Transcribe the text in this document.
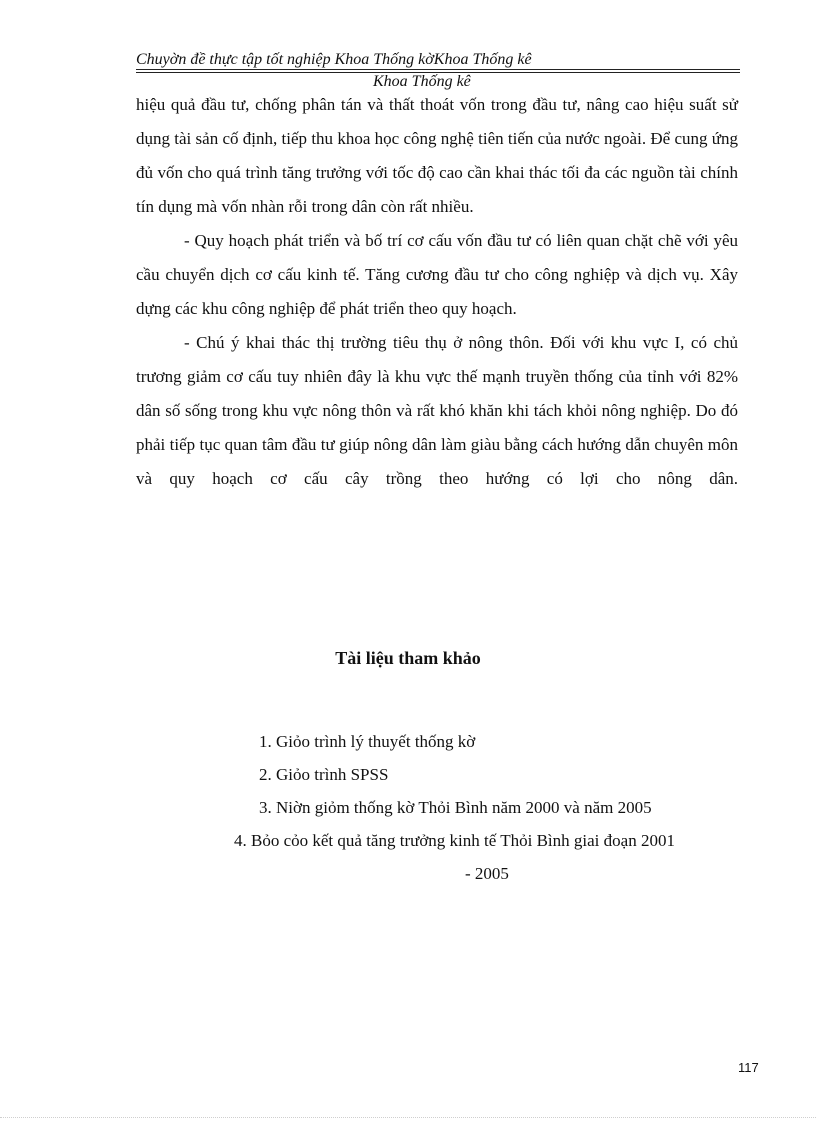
Chuyờn đề thực tập tốt nghiệp Khoa Thống kờKhoa Thống kê
Khoa Thống kê

hiệu quả đầu tư, chống phân tán và thất thoát vốn trong đầu tư, nâng cao hiệu suất sử dụng tài sản cố định, tiếp thu khoa học công nghệ tiên tiến của nước ngoài. Để cung ứng đủ vốn cho quá trình tăng trưởng với tốc độ cao cần khai thác tối đa các nguồn tài chính tín dụng mà vốn nhàn rỗi trong dân còn rất nhiều.

- Quy hoạch phát triển và bố trí cơ cấu vốn đầu tư có liên quan chặt chẽ với yêu cầu chuyển dịch cơ cấu kinh tế. Tăng cương đầu tư cho công nghiệp và dịch vụ. Xây dựng các khu công nghiệp để phát triển theo quy hoạch.

- Chú ý khai thác thị trường tiêu thụ ở nông thôn. Đối với khu vực I, có chủ trương giảm cơ cấu tuy nhiên đây là khu vực thế mạnh truyền thống của tỉnh với 82% dân số sống trong khu vực nông thôn và rất khó khăn khi tách khỏi nông nghiệp. Do đó phải tiếp tục quan tâm đầu tư giúp nông dân làm giàu bằng cách hướng dẫn chuyên môn và quy hoạch cơ cấu cây trồng theo hướng có lợi cho nông dân.

Tài liệu tham khảo
1. Giỏo trình lý thuyết thống kờ
2. Giỏo trình SPSS
3. Niờn giỏm thống kờ Thỏi Bình năm 2000 và năm 2005
4. Bỏo cỏo kết quả tăng trưởng kinh tế Thỏi Bình giai đoạn 2001
- 2005
117
